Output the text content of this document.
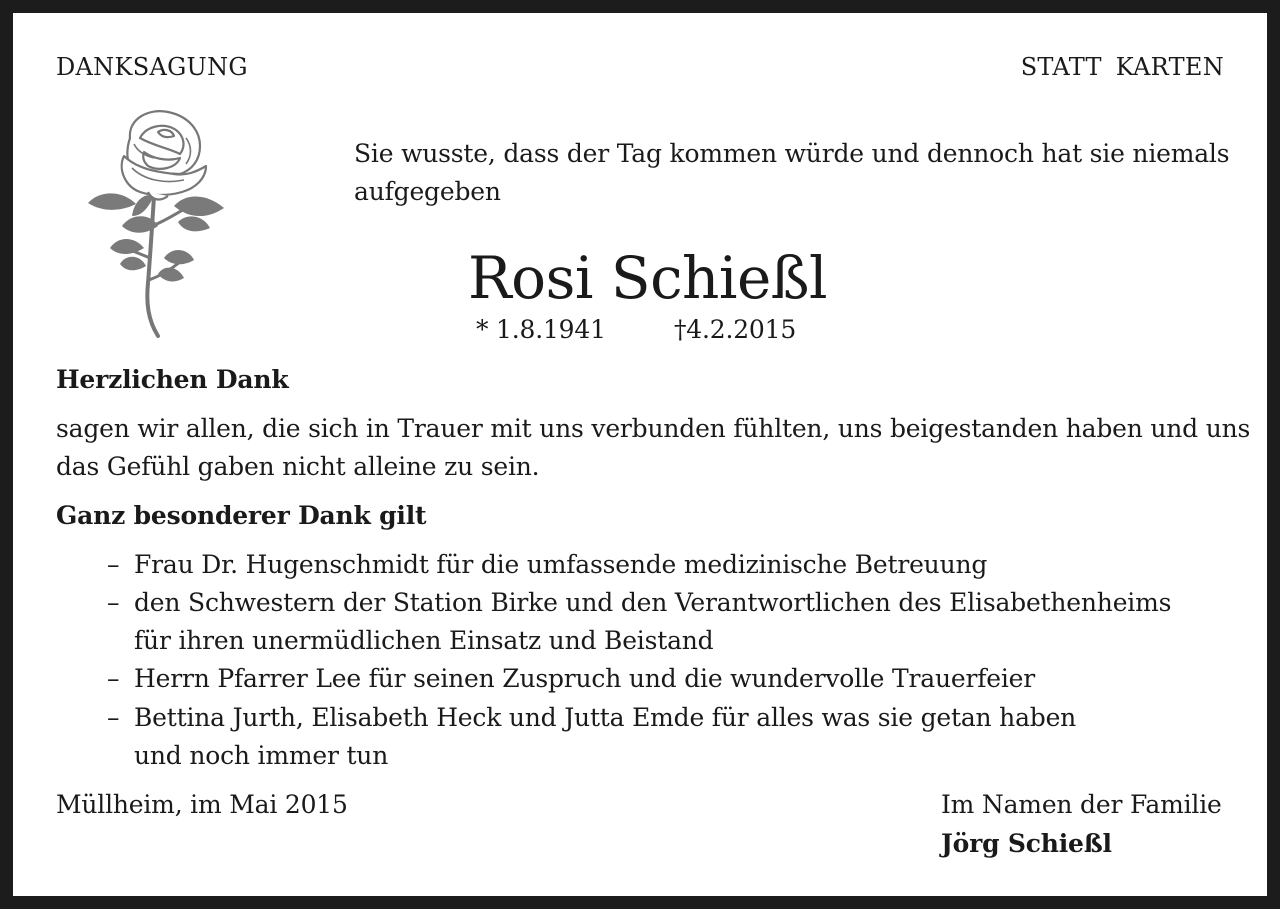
DANKSAGUNG	STATT KARTEN
Sie wusste, dass der Tag kommen würde und dennoch hat sie niemals
aufgegeben
Rosi Schießl
* 1.8.1941	†4.2.2015
Herzlichen Dank
sagen wir allen, die sich in Trauer mit uns verbunden fühlten, uns beigestanden haben und uns
das Gefühl gaben nicht alleine zu sein.
Ganz besonderer Dank gilt
– Frau Dr. Hugenschmidt für die umfassende medizinische Betreuung
– den Schwestern der Station Birke und den Verantwortlichen des Elisabethenheims
für ihren unermüdlichen Einsatz und Beistand
– Herrn Pfarrer Lee für seinen Zuspruch und die wundervolle Trauerfeier
– Bettina Jurth, Elisabeth Heck und Jutta Emde für alles was sie getan haben
und noch immer tun
Müllheim, im Mai 2015	Im Namen der Familie
Jörg Schießl
